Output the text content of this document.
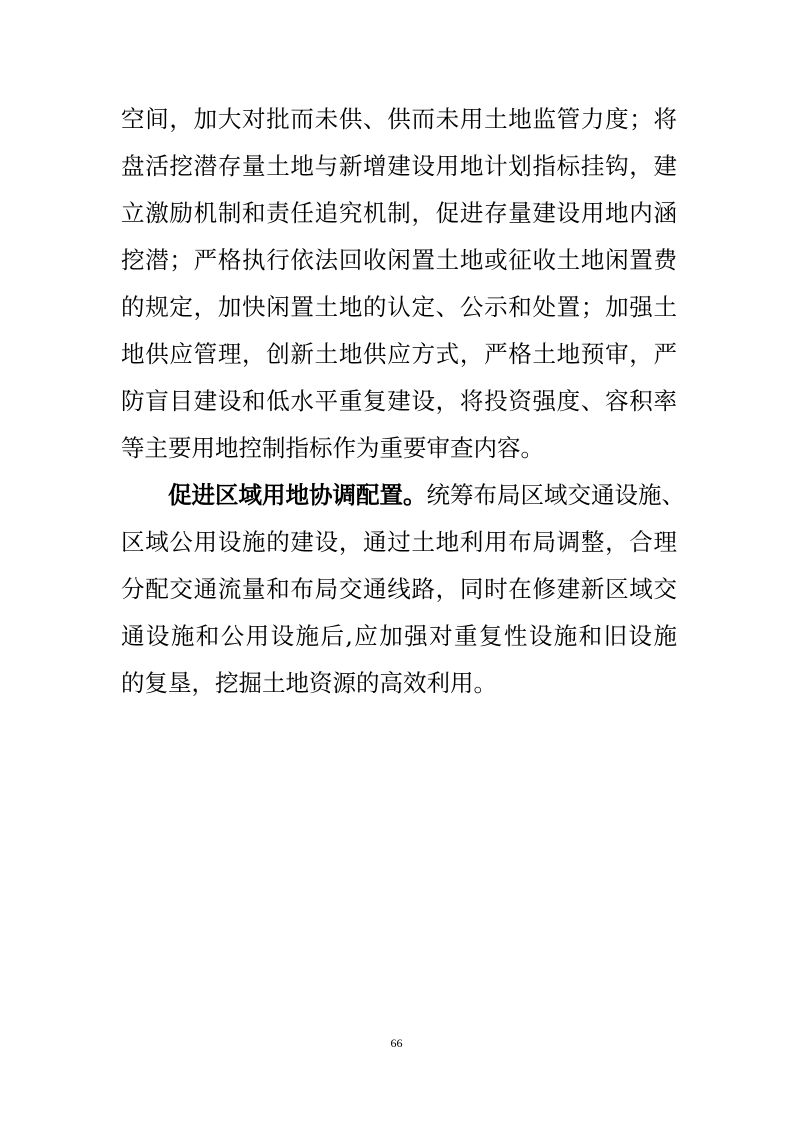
空间，加大对批而未供、供而未用土地监管力度；将
盘活挖潜存量土地与新增建设用地计划指标挂钩，建
立激励机制和责任追究机制，促进存量建设用地内涵
挖潜；严格执行依法回收闲置土地或征收土地闲置费
的规定，加快闲置土地的认定、公示和处置；加强土
地供应管理，创新土地供应方式，严格土地预审，严
防盲目建设和低水平重复建设，将投资强度、容积率
等主要用地控制指标作为重要审查内容。
促进区域用地协调配置。统筹布局区域交通设施、
区域公用设施的建设，通过土地利用布局调整，合理
分配交通流量和布局交通线路，同时在修建新区域交
通设施和公用设施后,应加强对重复性设施和旧设施
的复垦，挖掘土地资源的高效利用。
66
